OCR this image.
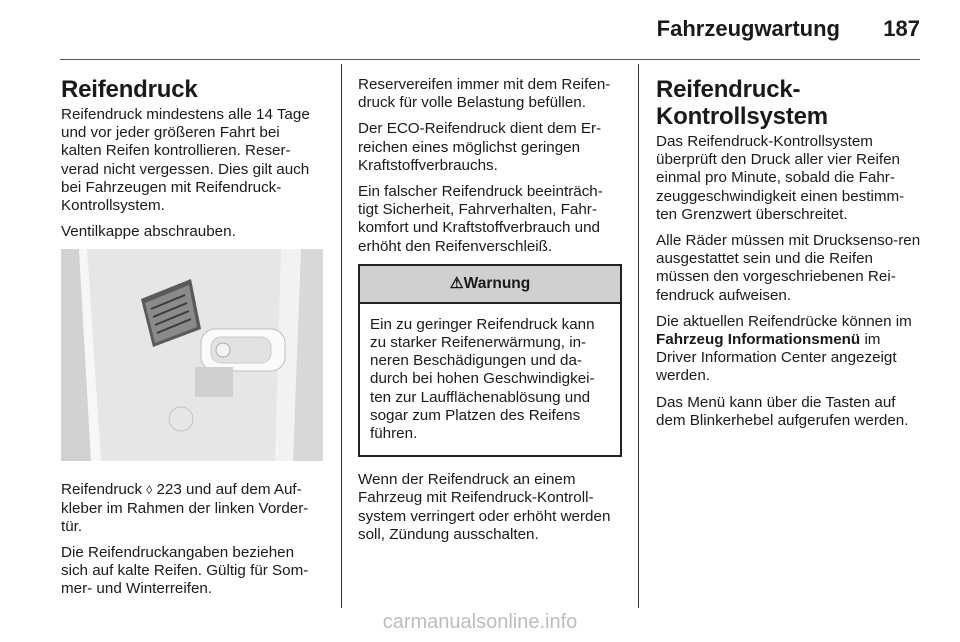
Fahrzeugwartung 187
Reifendruck

Reifendruck mindestens alle 14 Tage und vor jeder größeren Fahrt bei kalten Reifen kontrollieren. Reser-verad nicht vergessen. Dies gilt auch bei Fahrzeugen mit Reifendruck-Kontrollsystem.

Ventilkappe abschrauben.

Reifendruck ◊ 223 und auf dem Auf-kleber im Rahmen der linken Vorder-tür.

Die Reifendruckangaben beziehen sich auf kalte Reifen. Gültig für Som-mer- und Winterreifen.

Reservereifen immer mit dem Reifen-druck für volle Belastung befüllen.

Der ECO-Reifendruck dient dem Er-reichen eines möglichst geringen Kraftstoffverbrauchs.

Ein falscher Reifendruck beeinträch-tigt Sicherheit, Fahrverhalten, Fahr-komfort und Kraftstoffverbrauch und erhöht den Reifenverschleiß.

⚠Warnung
Ein zu geringer Reifendruck kann zu starker Reifenerwärmung, in-neren Beschädigungen und da-durch bei hohen Geschwindigkei-ten zur Laufflächenablösung und sogar zum Platzen des Reifens führen.

Wenn der Reifendruck an einem Fahrzeug mit Reifendruck-Kontroll-system verringert oder erhöht werden soll, Zündung ausschalten.

Reifendruck-Kontrollsystem

Das Reifendruck-Kontrollsystem überprüft den Druck aller vier Reifen einmal pro Minute, sobald die Fahr-zeuggeschwindigkeit einen bestimm-ten Grenzwert überschreitet.

Alle Räder müssen mit Drucksenso-ren ausgestattet sein und die Reifen müssen den vorgeschriebenen Rei-fendruck aufweisen.

Die aktuellen Reifendrücke können im Fahrzeug Informationsmenü im Driver Information Center angezeigt werden.

Das Menü kann über die Tasten auf dem Blinkerhebel aufgerufen werden.

carmanualsonline.info
